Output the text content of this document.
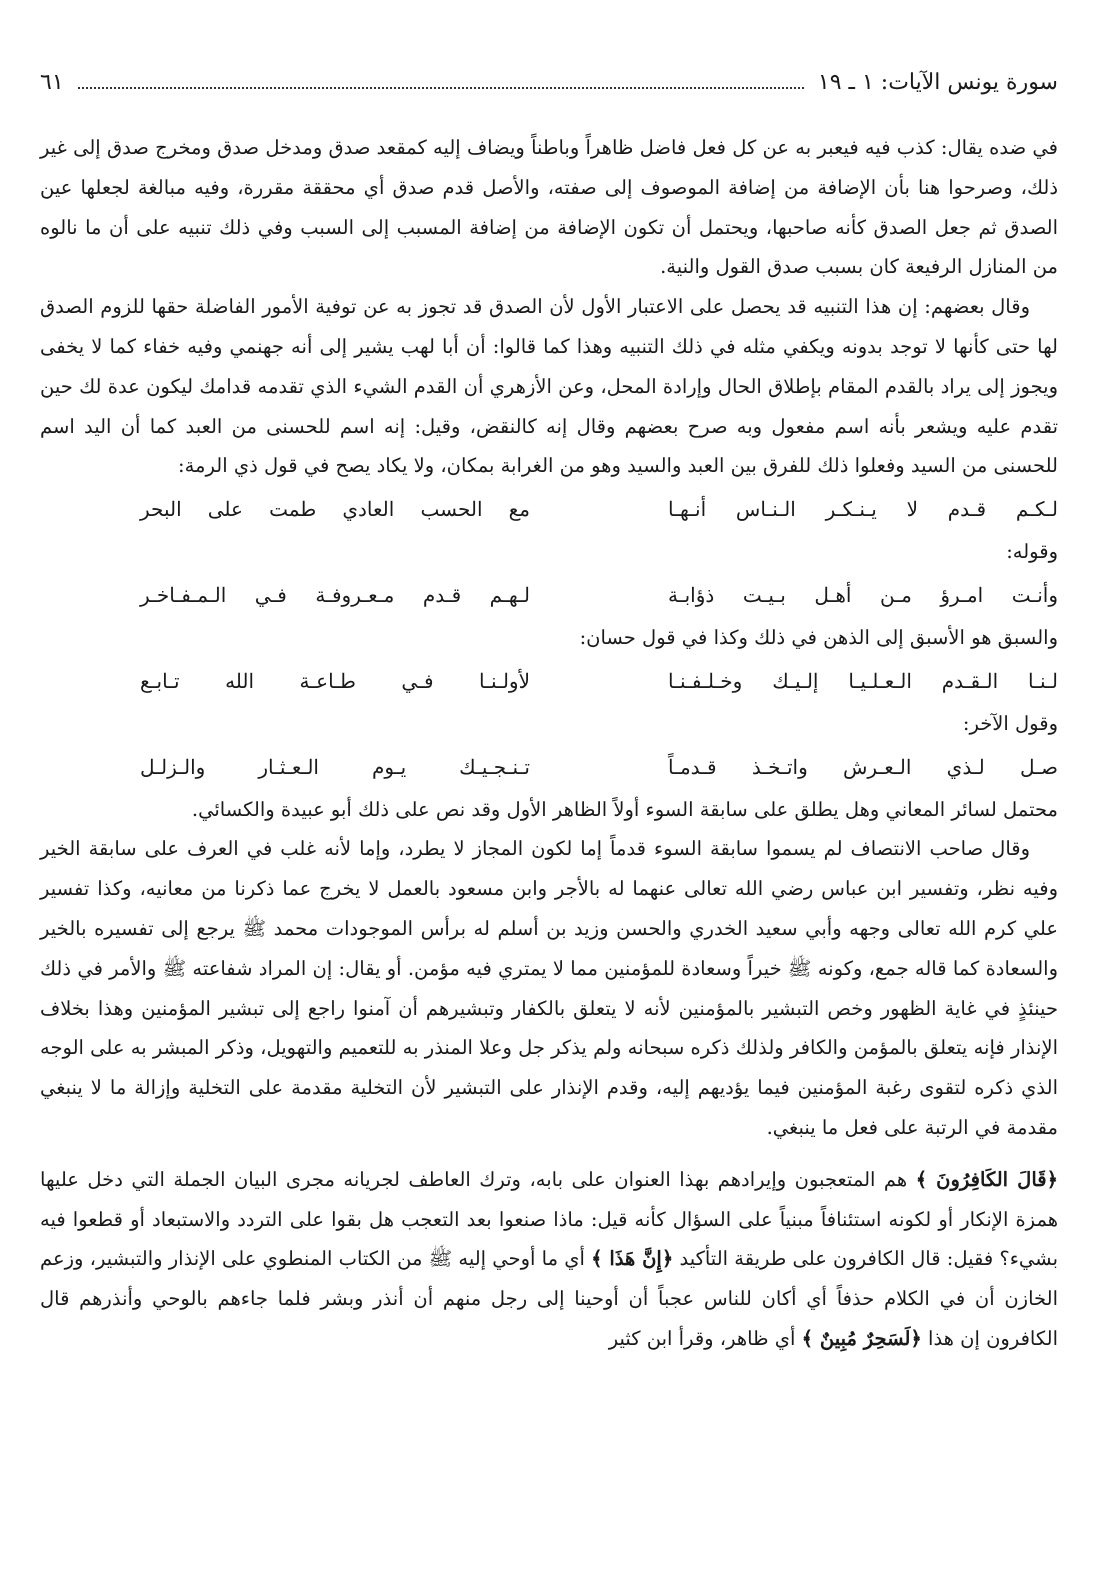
سورة يونس الآيات: ١ ـ ١٩
٦١

في ضده يقال: كذب فيه فيعبر به عن كل فعل فاضل ظاهراً وباطناً ويضاف إليه كمقعد صدق ومدخل صدق ومخرج صدق إلى غير ذلك، وصرحوا هنا بأن الإضافة من إضافة الموصوف إلى صفته، والأصل قدم صدق أي محققة مقررة، وفيه مبالغة لجعلها عين الصدق ثم جعل الصدق كأنه صاحبها، ويحتمل أن تكون الإضافة من إضافة المسبب إلى السبب وفي ذلك تنبيه على أن ما نالوه من المنازل الرفيعة كان بسبب صدق القول والنية.

وقال بعضهم: إن هذا التنبيه قد يحصل على الاعتبار الأول لأن الصدق قد تجوز به عن توفية الأمور الفاضلة حقها للزوم الصدق لها حتى كأنها لا توجد بدونه ويكفي مثله في ذلك التنبيه وهذا كما قالوا: أن أبا لهب يشير إلى أنه جهنمي وفيه خفاء كما لا يخفى ويجوز إلى يراد بالقدم المقام بإطلاق الحال وإرادة المحل، وعن الأزهري أن القدم الشيء الذي تقدمه قدامك ليكون عدة لك حين تقدم عليه ويشعر بأنه اسم مفعول وبه صرح بعضهم وقال إنه كالنقض، وقيل: إنه اسم للحسنى من العبد كما أن اليد اسم للحسنى من السيد وفعلوا ذلك للفرق بين العبد والسيد وهو من الغرابة بمكان، ولا يكاد يصح في قول ذي الرمة:

لـكـم قـدم لا يـنـكـر الـنـاس أنـهـا
مع الحسب العادي طمت على البحر

وقوله:

وأنـت امـرؤ مـن أهـل بـيـت ذؤابـة
لـهـم قـدم مـعـروفـة فـي الـمـفـاخـر

والسبق هو الأسبق إلى الذهن في ذلك وكذا في قول حسان:

لـنـا الـقـدم الـعـلـيـا إلـيـك وخـلـفـنـا
لأولـنـا فـي طـاعـة الله تـابـع

وقول الآخر:

صـل لـذي الـعـرش واتـخـذ قـدمـاً
تـنـجـيـك يـوم الـعـثـار والـزلـل

محتمل لسائر المعاني وهل يطلق على سابقة السوء أولاً الظاهر الأول وقد نص على ذلك أبو عبيدة والكسائي.

وقال صاحب الانتصاف لم يسموا سابقة السوء قدماً إما لكون المجاز لا يطرد، وإما لأنه غلب في العرف على سابقة الخير وفيه نظر، وتفسير ابن عباس رضي الله تعالى عنهما له بالأجر وابن مسعود بالعمل لا يخرج عما ذكرنا من معانيه، وكذا تفسير علي كرم الله تعالى وجهه وأبي سعيد الخدري والحسن وزيد بن أسلم له برأس الموجودات محمد ﷺ يرجع إلى تفسيره بالخير والسعادة كما قاله جمع، وكونه ﷺ خيراً وسعادة للمؤمنين مما لا يمتري فيه مؤمن. أو يقال: إن المراد شفاعته ﷺ والأمر في ذلك حينئذٍ في غاية الظهور وخص التبشير بالمؤمنين لأنه لا يتعلق بالكفار وتبشيرهم أن آمنوا راجع إلى تبشير المؤمنين وهذا بخلاف الإنذار فإنه يتعلق بالمؤمن والكافر ولذلك ذكره سبحانه ولم يذكر جل وعلا المنذر به للتعميم والتهويل، وذكر المبشر به على الوجه الذي ذكره لتقوى رغبة المؤمنين فيما يؤديهم إليه، وقدم الإنذار على التبشير لأن التخلية مقدمة على التخلية وإزالة ما لا ينبغي مقدمة في الرتبة على فعل ما ينبغي.

﴿قَالَ الكَافِرُونَ ﴾ هم المتعجبون وإيرادهم بهذا العنوان على بابه، وترك العاطف لجريانه مجرى البيان الجملة التي دخل عليها همزة الإنكار أو لكونه استئنافاً مبنياً على السؤال كأنه قيل: ماذا صنعوا بعد التعجب هل بقوا على التردد والاستبعاد أو قطعوا فيه بشيء؟ فقيل: قال الكافرون على طريقة التأكيد ﴿إِنَّ هَذَا ﴾ أي ما أوحي إليه ﷺ من الكتاب المنطوي على الإنذار والتبشير، وزعم الخازن أن في الكلام حذفاً أي أكان للناس عجباً أن أوحينا إلى رجل منهم أن أنذر وبشر فلما جاءهم بالوحي وأنذرهم قال الكافرون إن هذا ﴿لَسَحِرٌ مُبِينٌ ﴾ أي ظاهر، وقرأ ابن كثير
